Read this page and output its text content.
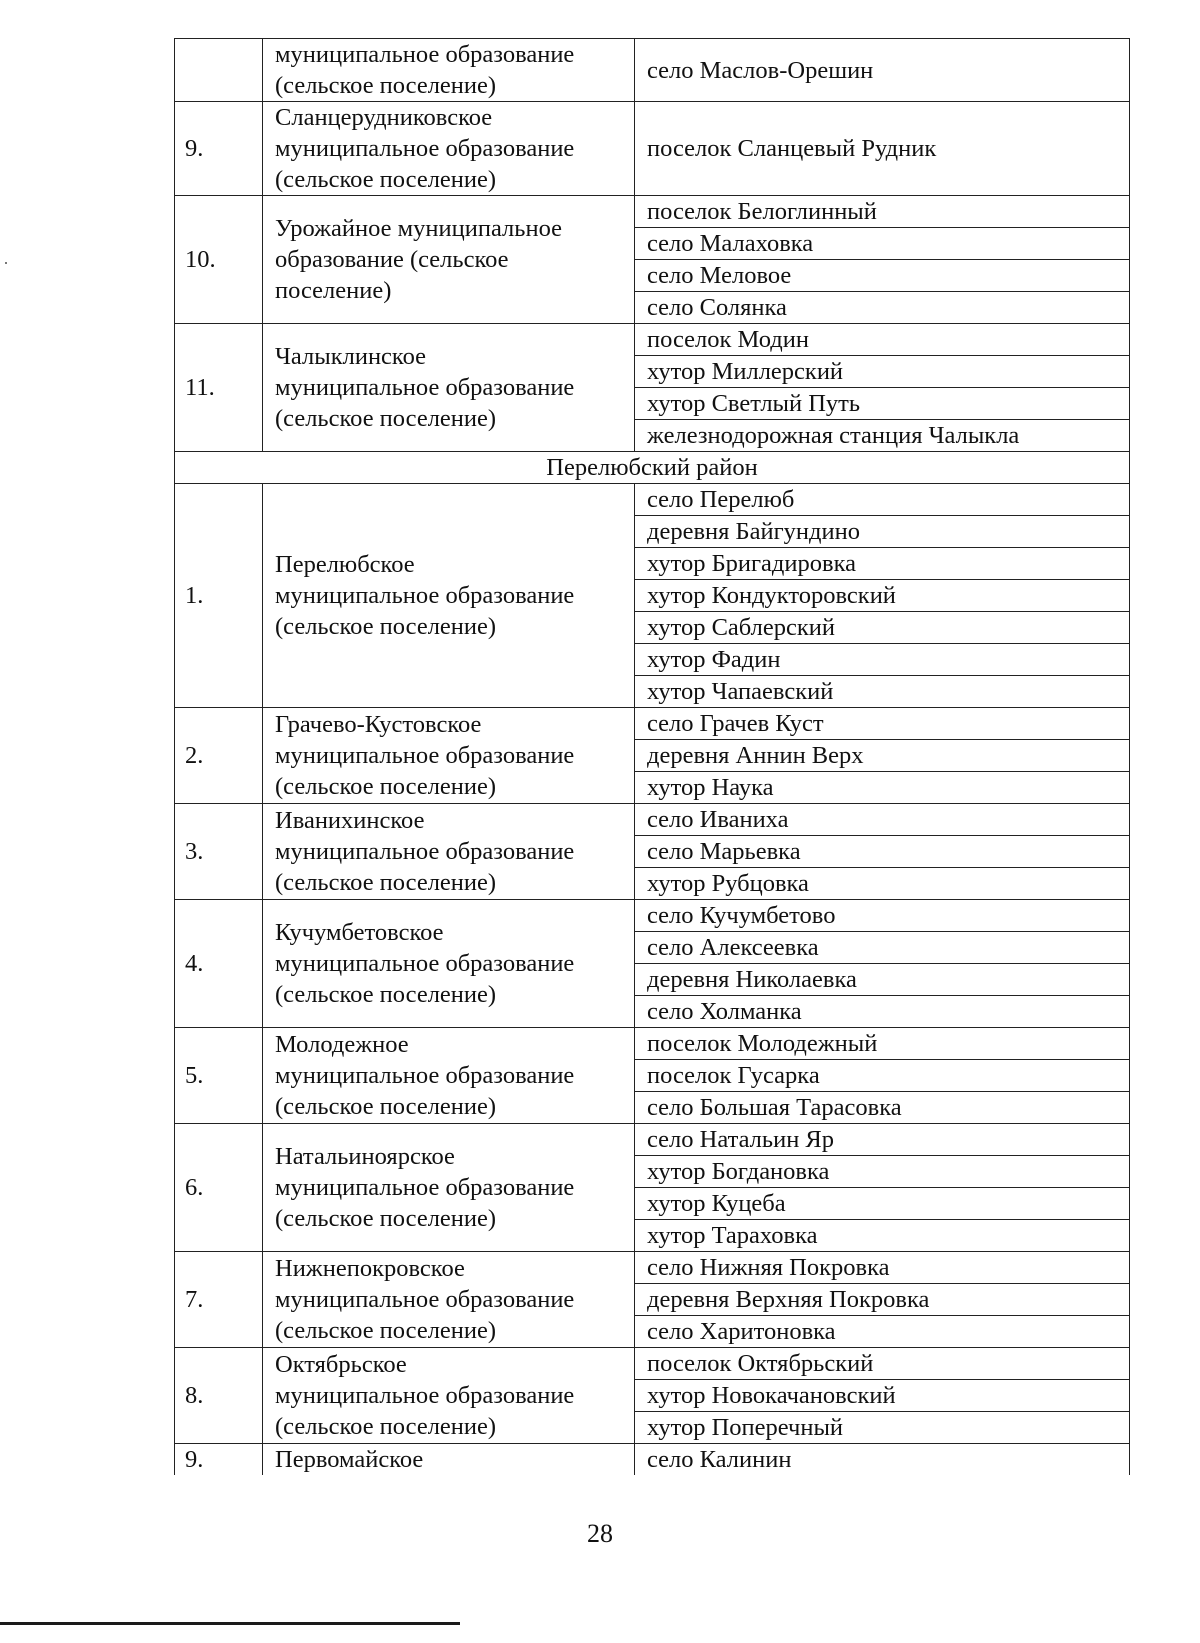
	муниципальное образование
(сельское поселение)	село Маслов-Орешин
9.	Сланцерудниковское
муниципальное образование
(сельское поселение)	поселок Сланцевый Рудник
10.	Урожайное муниципальное
образование (сельское
поселение)	поселок Белоглинный
		село Малаховка
		село Меловое
		село Солянка
11.	Чалыклинское
муниципальное образование
(сельское поселение)	поселок Модин
		хутор Миллерский
		хутор Светлый Путь
		железнодорожная станция Чалыкла
Перелюбский район		
1.	Перелюбское
муниципальное образование
(сельское поселение)	село Перелюб
		деревня Байгундино
		хутор Бригадировка
		хутор Кондукторовский
		хутор Саблерский
		хутор Фадин
		хутор Чапаевский
2.	Грачево-Кустовское
муниципальное образование
(сельское поселение)	село Грачев Куст
		деревня Аннин Верх
		хутор Наука
3.	Иванихинское
муниципальное образование
(сельское поселение)	село Иваниха
		село Марьевка
		хутор Рубцовка
4.	Кучумбетовское
муниципальное образование
(сельское поселение)	село Кучумбетово
		село Алексеевка
		деревня Николаевка
		село Холманка
5.	Молодежное
муниципальное образование
(сельское поселение)	поселок Молодежный
		поселок Гусарка
		село Большая Тарасовка
6.	Натальиноярское
муниципальное образование
(сельское поселение)	село Натальин Яр
		хутор Богдановка
		хутор Куцеба
		хутор Тараховка
7.	Нижнепокровское
муниципальное образование
(сельское поселение)	село Нижняя Покровка
		деревня Верхняя Покровка
		село Харитоновка
8.	Октябрьское
муниципальное образование
(сельское поселение)	поселок Октябрьский
		хутор Новокачановский
		хутор Поперечный
9.	Первомайское	село Калинин
28
